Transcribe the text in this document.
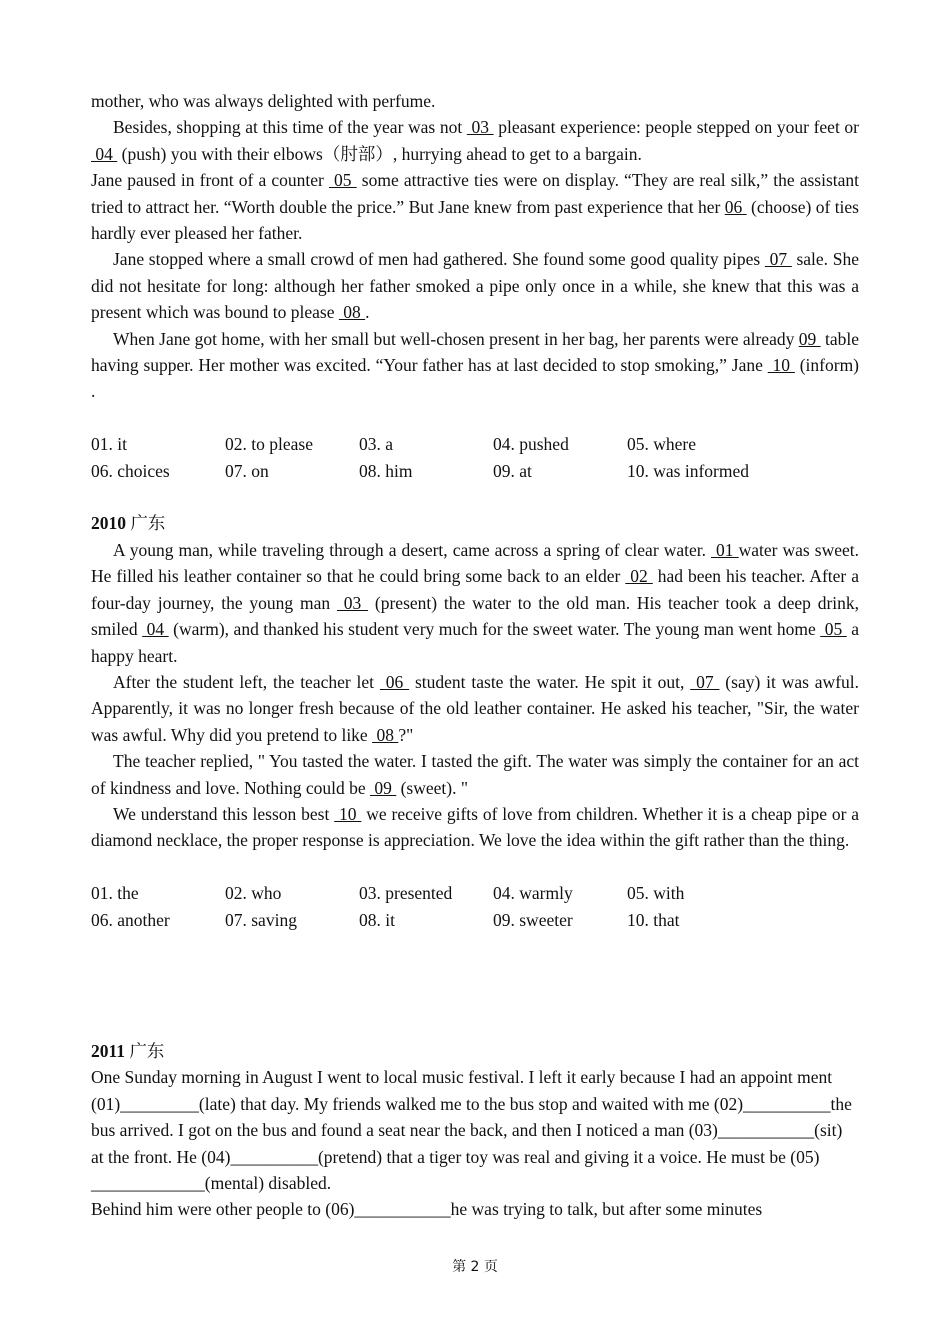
mother, who was always delighted with perfume.

Besides, shopping at this time of the year was not  03  pleasant experience: people stepped on your feet or  04  (push) you with their elbows（肘部）, hurrying ahead to get to a bargain.

Jane paused in front of a counter  05  some attractive ties were on display. “They are real silk,” the assistant tried to attract her. “Worth double the price.” But Jane knew from past experience that her 06  (choose) of ties hardly ever pleased her father.

Jane stopped where a small crowd of men had gathered. She found some good quality pipes  07  sale. She did not hesitate for long: although her father smoked a pipe only once in a while, she knew that this was a present which was bound to please  08 .

When Jane got home, with her small but well-chosen present in her bag, her parents were already 09  table having supper. Her mother was excited. “Your father has at last decided to stop smoking,” Jane  10  (inform) .

01. it	02. to please	03. a	04. pushed	05. where
06. choices	07. on	08. him	09. at	10. was informed

2010 广东

A young man, while traveling through a desert, came across a spring of clear water.  01 water was sweet. He filled his leather container so that he could bring some back to an elder  02  had been his teacher. After a four-day journey, the young man  03  (present) the water to the old man. His teacher took a deep drink, smiled  04  (warm), and thanked his student very much for the sweet water. The young man went home  05  a happy heart.

After the student left, the teacher let  06  student taste the water. He spit it out,  07  (say) it was awful. Apparently, it was no longer fresh because of the old leather container. He asked his teacher, "Sir, the water was awful. Why did you pretend to like  08 ?"

The teacher replied, " You tasted the water. I tasted the gift. The water was simply the container for an act of kindness and love. Nothing could be  09  (sweet). "

We understand this lesson best  10  we receive gifts of love from children. Whether it is a cheap pipe or a diamond necklace, the proper response is appreciation. We love the idea within the gift rather than the thing.

01. the	02. who	03. presented	04. warmly	05. with
06. another	07. saving	08. it	09. sweeter	10. that

2011 广东

One Sunday morning in August I went to local music festival. I left it early because I had an appoint ment (01)_________(late) that day. My friends walked me to the bus stop and waited with me (02)__________the bus arrived. I got on the bus and found a seat near the back, and then I noticed a man (03)___________(sit) at the front. He (04)__________(pretend) that a tiger toy was real and giving it a voice. He must be (05) _____________(mental) disabled.

Behind him were other people to (06)___________he was trying to talk, but after some minutes

第 2 页
